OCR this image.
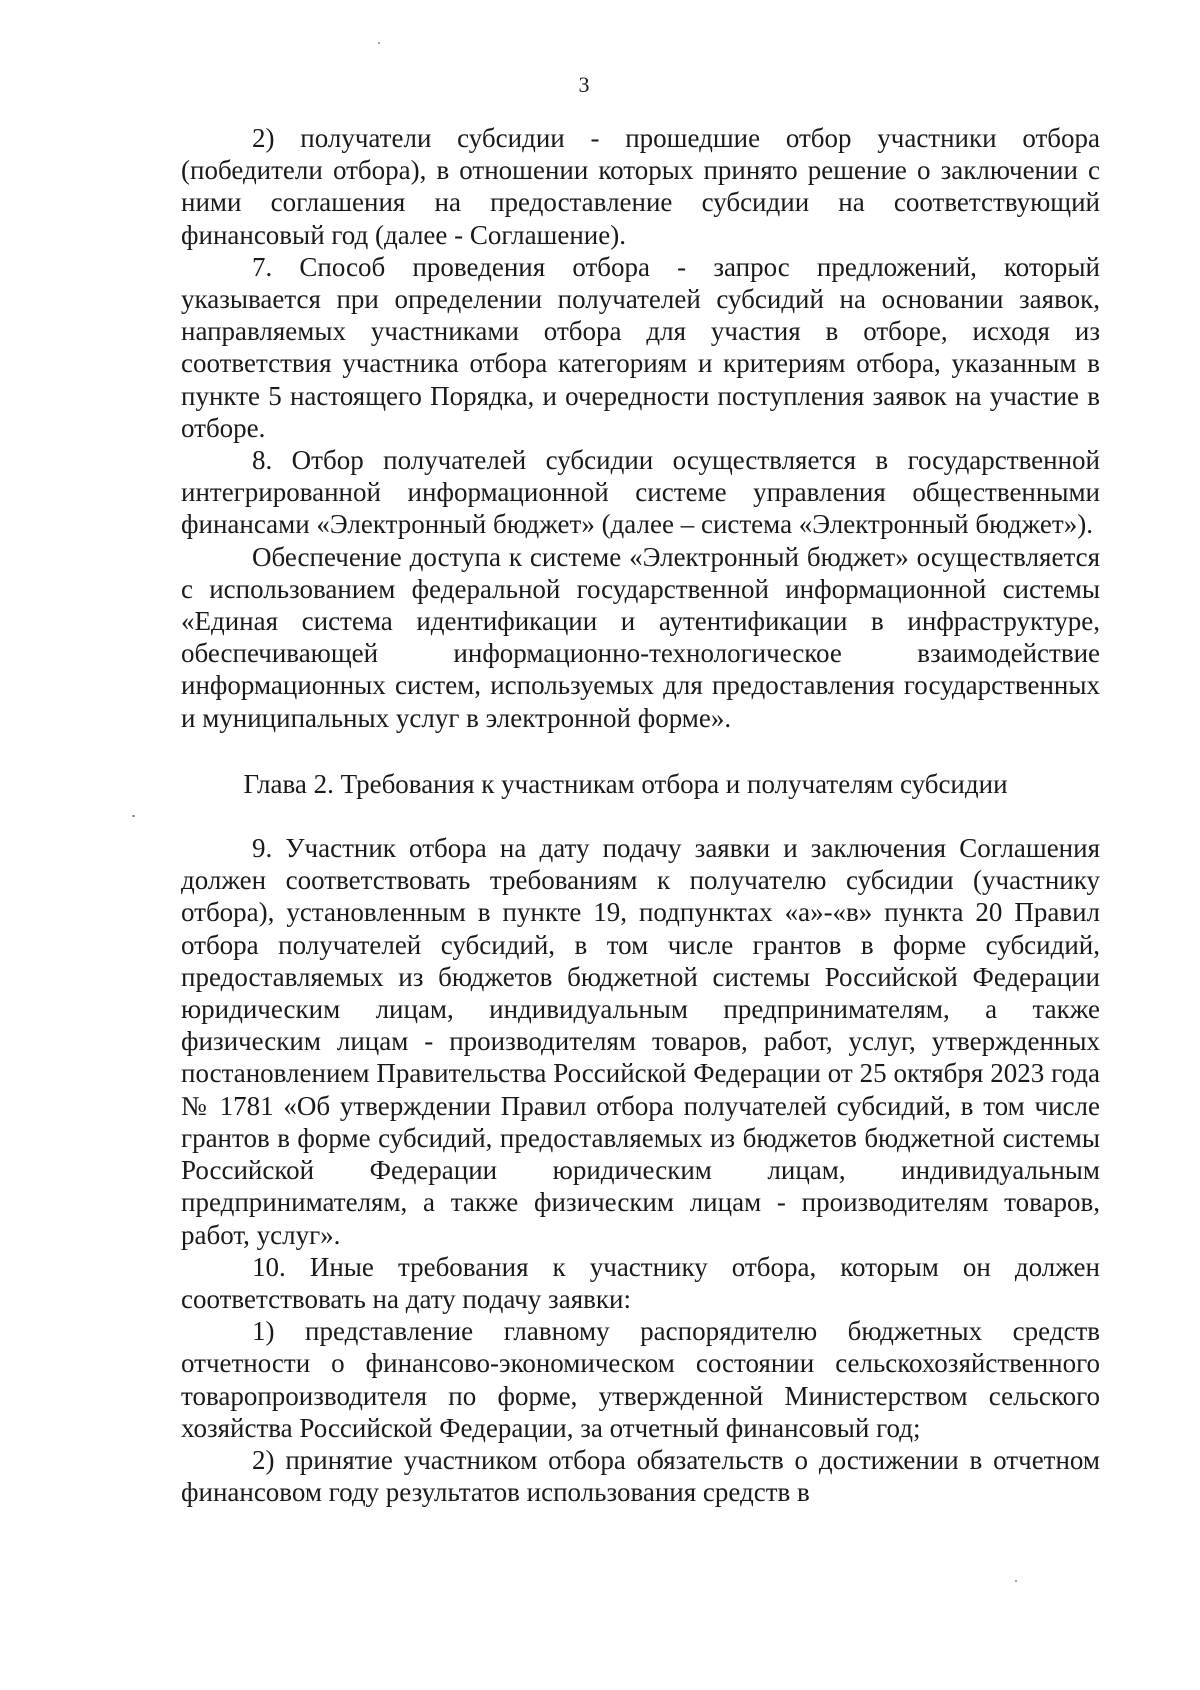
3

2) получатели субсидии - прошедшие отбор участники отбора (победители отбора), в отношении которых принято решение о заключении с ними соглашения на предоставление субсидии на соответствующий финансовый год (далее - Соглашение).

7. Способ проведения отбора - запрос предложений, который указывается при определении получателей субсидий на основании заявок, направляемых участниками отбора для участия в отборе, исходя из соответствия участника отбора категориям и критериям отбора, указанным в пункте 5 настоящего Порядка, и очередности поступления заявок на участие в отборе.

8. Отбор получателей субсидии осуществляется в государственной интегрированной информационной системе управления общественными финансами «Электронный бюджет» (далее – система «Электронный бюджет»).

Обеспечение доступа к системе «Электронный бюджет» осуществляется с использованием федеральной государственной информационной системы «Единая система идентификации и аутентификации в инфраструктуре, обеспечивающей информационно-технологическое взаимодействие информационных систем, используемых для предоставления государственных и муниципальных услуг в электронной форме».

Глава 2. Требования к участникам отбора и получателям субсидии

9. Участник отбора на дату подачу заявки и заключения Соглашения должен соответствовать требованиям к получателю субсидии (участнику отбора), установленным в пункте 19, подпунктах «а»-«в» пункта 20 Правил отбора получателей субсидий, в том числе грантов в форме субсидий, предоставляемых из бюджетов бюджетной системы Российской Федерации юридическим лицам, индивидуальным предпринимателям, а также физическим лицам - производителям товаров, работ, услуг, утвержденных постановлением Правительства Российской Федерации от 25 октября 2023 года № 1781 «Об утверждении Правил отбора получателей субсидий, в том числе грантов в форме субсидий, предоставляемых из бюджетов бюджетной системы Российской Федерации юридическим лицам, индивидуальным предпринимателям, а также физическим лицам - производителям товаров, работ, услуг».

10. Иные требования к участнику отбора, которым он должен соответствовать на дату подачу заявки:

1) представление главному распорядителю бюджетных средств отчетности о финансово-экономическом состоянии сельскохозяйственного товаропроизводителя по форме, утвержденной Министерством сельского хозяйства Российской Федерации, за отчетный финансовый год;

2) принятие участником отбора обязательств о достижении в отчетном финансовом году результатов использования средств в
